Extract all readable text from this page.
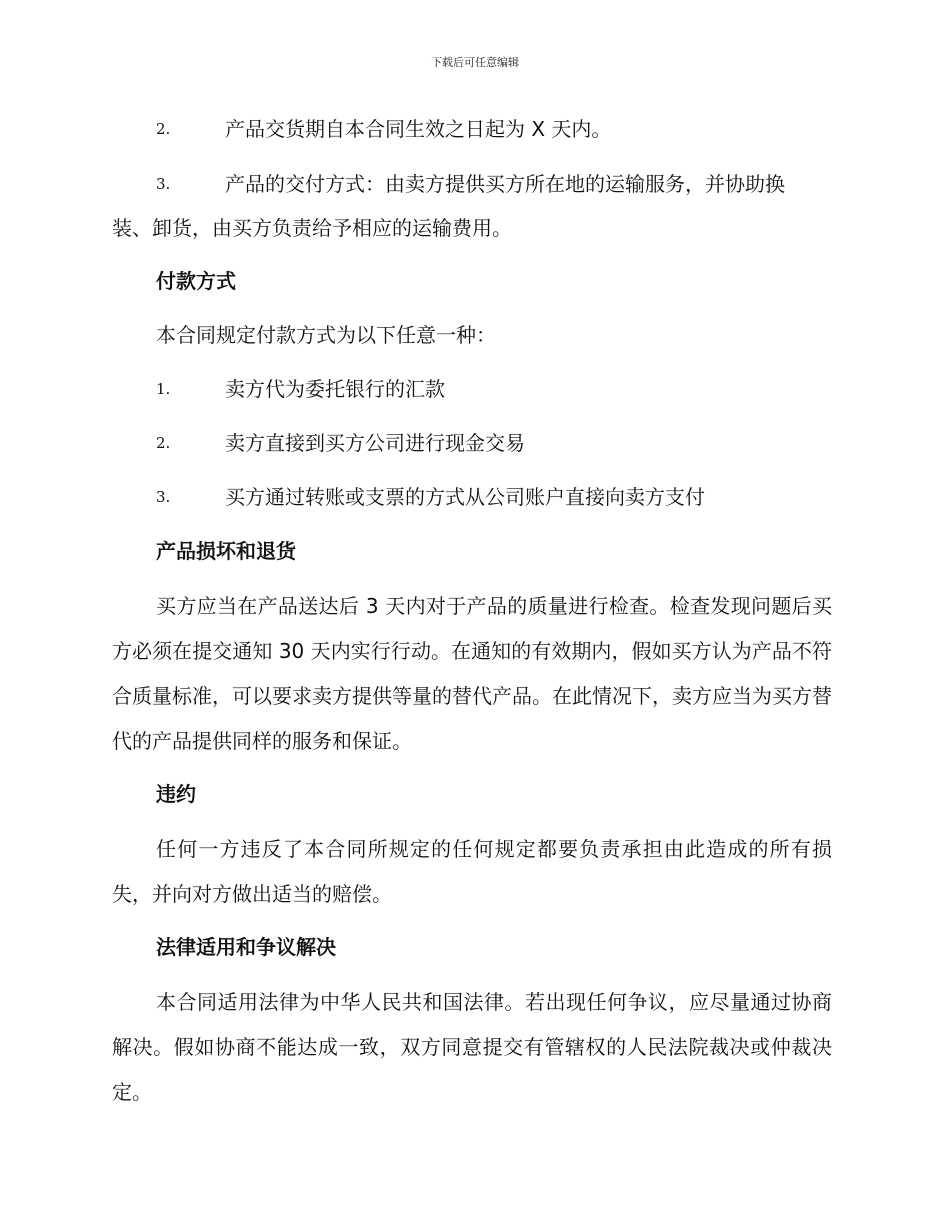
下载后可任意编辑
2.	产品交货期自本合同生效之日起为 X 天内。
3.	产品的交付方式：由卖方提供买方所在地的运输服务，并协助换
装、卸货，由买方负责给予相应的运输费用。
付款方式
本合同规定付款方式为以下任意一种：
1.	卖方代为委托银行的汇款
2.	卖方直接到买方公司进行现金交易
3.	买方通过转账或支票的方式从公司账户直接向卖方支付
产品损坏和退货
买方应当在产品送达后 3 天内对于产品的质量进行检查。检查发现问题后买方必须在提交通知 30 天内实行行动。在通知的有效期内，假如买方认为产品不符合质量标准，可以要求卖方提供等量的替代产品。在此情况下，卖方应当为买方替代的产品提供同样的服务和保证。
违约
任何一方违反了本合同所规定的任何规定都要负责承担由此造成的所有损失，并向对方做出适当的赔偿。
法律适用和争议解决
本合同适用法律为中华人民共和国法律。若出现任何争议，应尽量通过协商解决。假如协商不能达成一致，双方同意提交有管辖权的人民法院裁决或仲裁决定。
